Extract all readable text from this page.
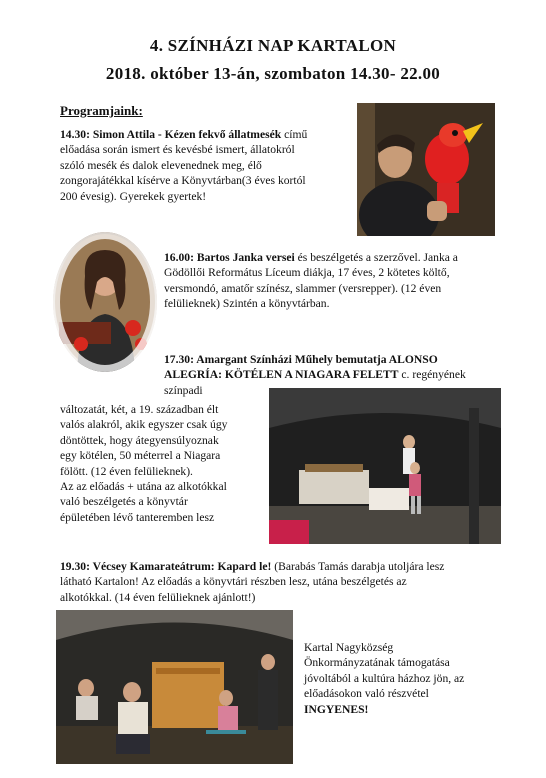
4. SZÍNHÁZI NAP KARTALON
2018. október 13-án, szombaton 14.30- 22.00
Programjaink:
14.30: Simon Attila - Kézen fekvő állatmesék című
előadása során ismert és kevésbé ismert, állatokról
szóló mesék és dalok elevenednek meg, élő
zongorajátékkal kísérve a Könyvtárban(3 éves kortól
200 évesig). Gyerekek gyertek!
16.00: Bartos Janka versei és beszélgetés a szerzővel. Janka a
Gödöllői Református Líceum diákja, 17 éves, 2 kötetes költő,
versmondó, amatőr színész, slammer (versrepper). (12 éven
felülieknek) Szintén a könyvtárban.
17.30: Amargant Színházi Műhely bemutatja ALONSO
ALEGRÍA: KÖTÉLEN A NIAGARA FELETT c. regényének
színpadi
változatát, két, a 19. században élt
valós alakról, akik egyszer csak úgy
döntöttek, hogy átegyensúlyoznak
egy kötélen, 50 méterrel a Niagara
fölött. (12 éven felülieknek).
Az az előadás + utána az alkotókkal
való beszélgetés a könyvtár
épületében lévő tanteremben lesz
19.30: Vécsey Kamarateátrum: Kapard le! (Barabás Tamás darabja utoljára lesz
látható Kartalon! Az előadás a könyvtári részben lesz, utána beszélgetés az
alkotókkal. (14 éven felülieknek ajánlott!)
Kartal Nagyközség
Önkormányzatának támogatása
jóvoltából a kultúra házhoz jön, az
előadásokon való részvétel
INGYENES!
